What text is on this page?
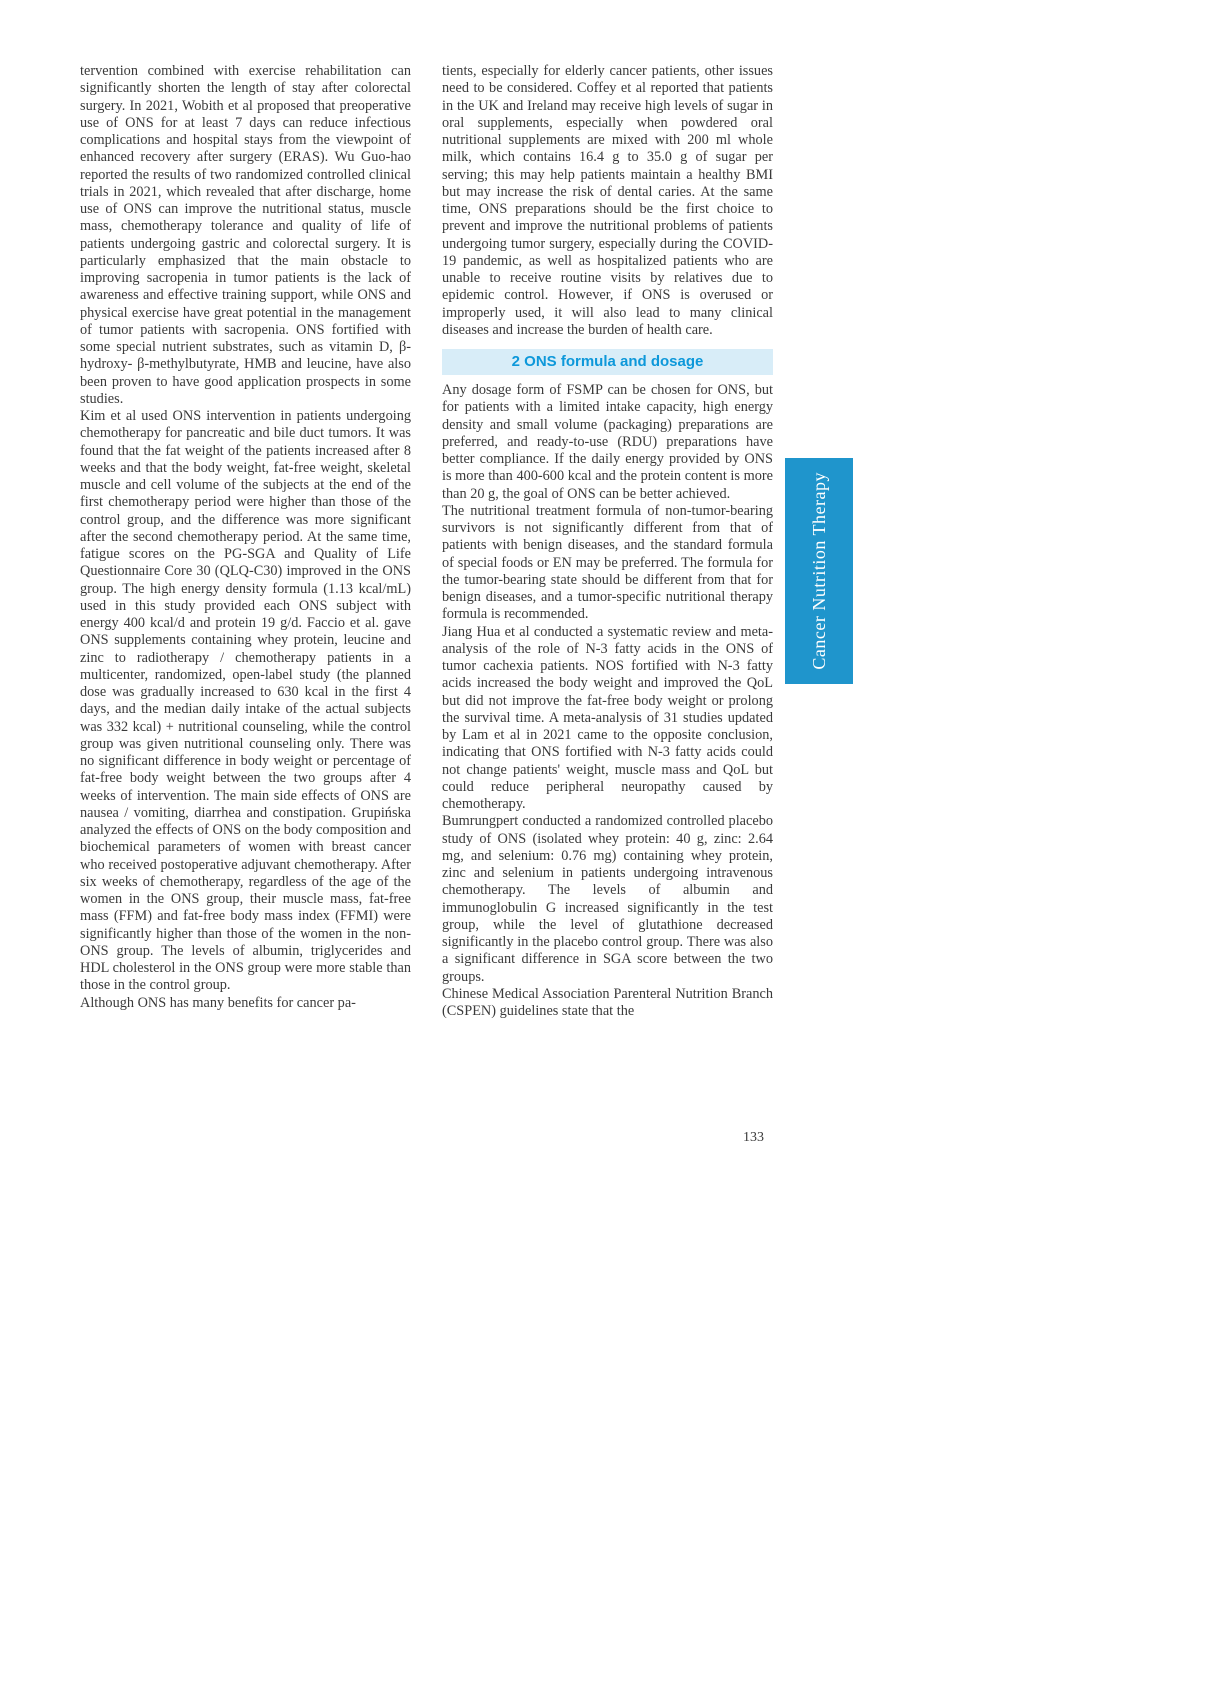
tervention combined with exercise rehabilitation can significantly shorten the length of stay after colorectal surgery. In 2021, Wobith et al proposed that preoperative use of ONS for at least 7 days can reduce infectious complications and hospital stays from the viewpoint of enhanced recovery after surgery (ERAS). Wu Guo-hao reported the results of two randomized controlled clinical trials in 2021, which revealed that after discharge, home use of ONS can improve the nutritional status, muscle mass, chemotherapy tolerance and quality of life of patients undergoing gastric and colorectal surgery. It is particularly emphasized that the main obstacle to improving sacropenia in tumor patients is the lack of awareness and effective training support, while ONS and physical exercise have great potential in the management of tumor patients with sacropenia. ONS fortified with some special nutrient substrates, such as vitamin D, β-hydroxy- β-methylbutyrate, HMB and leucine, have also been proven to have good application prospects in some studies.

Kim et al used ONS intervention in patients undergoing chemotherapy for pancreatic and bile duct tumors. It was found that the fat weight of the patients increased after 8 weeks and that the body weight, fat-free weight, skeletal muscle and cell volume of the subjects at the end of the first chemotherapy period were higher than those of the control group, and the difference was more significant after the second chemotherapy period. At the same time, fatigue scores on the PG-SGA and Quality of Life Questionnaire Core 30 (QLQ-C30) improved in the ONS group. The high energy density formula (1.13 kcal/mL) used in this study provided each ONS subject with energy 400 kcal/d and protein 19 g/d. Faccio et al. gave ONS supplements containing whey protein, leucine and zinc to radiotherapy / chemotherapy patients in a multicenter, randomized, open-label study (the planned dose was gradually increased to 630 kcal in the first 4 days, and the median daily intake of the actual subjects was 332 kcal) + nutritional counseling, while the control group was given nutritional counseling only. There was no significant difference in body weight or percentage of fat-free body weight between the two groups after 4 weeks of intervention. The main side effects of ONS are nausea / vomiting, diarrhea and constipation. Grupińska analyzed the effects of ONS on the body composition and biochemical parameters of women with breast cancer who received postoperative adjuvant chemotherapy. After six weeks of chemotherapy, regardless of the age of the women in the ONS group, their muscle mass, fat-free mass (FFM) and fat-free body mass index (FFMI) were significantly higher than those of the women in the non-ONS group. The levels of albumin, triglycerides and HDL cholesterol in the ONS group were more stable than those in the control group.

Although ONS has many benefits for cancer pa-

tients, especially for elderly cancer patients, other issues need to be considered. Coffey et al reported that patients in the UK and Ireland may receive high levels of sugar in oral supplements, especially when powdered oral nutritional supplements are mixed with 200 ml whole milk, which contains 16.4 g to 35.0 g of sugar per serving; this may help patients maintain a healthy BMI but may increase the risk of dental caries. At the same time, ONS preparations should be the first choice to prevent and improve the nutritional problems of patients undergoing tumor surgery, especially during the COVID-19 pandemic, as well as hospitalized patients who are unable to receive routine visits by relatives due to epidemic control. However, if ONS is overused or improperly used, it will also lead to many clinical diseases and increase the burden of health care.

2 ONS formula and dosage

Any dosage form of FSMP can be chosen for ONS, but for patients with a limited intake capacity, high energy density and small volume (packaging) preparations are preferred, and ready-to-use (RDU) preparations have better compliance. If the daily energy provided by ONS is more than 400-600 kcal and the protein content is more than 20 g, the goal of ONS can be better achieved.

The nutritional treatment formula of non-tumor-bearing survivors is not significantly different from that of patients with benign diseases, and the standard formula of special foods or EN may be preferred. The formula for the tumor-bearing state should be different from that for benign diseases, and a tumor-specific nutritional therapy formula is recommended.

Jiang Hua et al conducted a systematic review and meta-analysis of the role of N-3 fatty acids in the ONS of tumor cachexia patients. NOS fortified with N-3 fatty acids increased the body weight and improved the QoL but did not improve the fat-free body weight or prolong the survival time. A meta-analysis of 31 studies updated by Lam et al in 2021 came to the opposite conclusion, indicating that ONS fortified with N-3 fatty acids could not change patients' weight, muscle mass and QoL but could reduce peripheral neuropathy caused by chemotherapy.

Bumrungpert conducted a randomized controlled placebo study of ONS (isolated whey protein: 40 g, zinc: 2.64 mg, and selenium: 0.76 mg) containing whey protein, zinc and selenium in patients undergoing intravenous chemotherapy. The levels of albumin and immunoglobulin G increased significantly in the test group, while the level of glutathione decreased significantly in the placebo control group. There was also a significant difference in SGA score between the two groups.

Chinese Medical Association Parenteral Nutrition Branch (CSPEN) guidelines state that the

Cancer Nutrition Therapy
133
